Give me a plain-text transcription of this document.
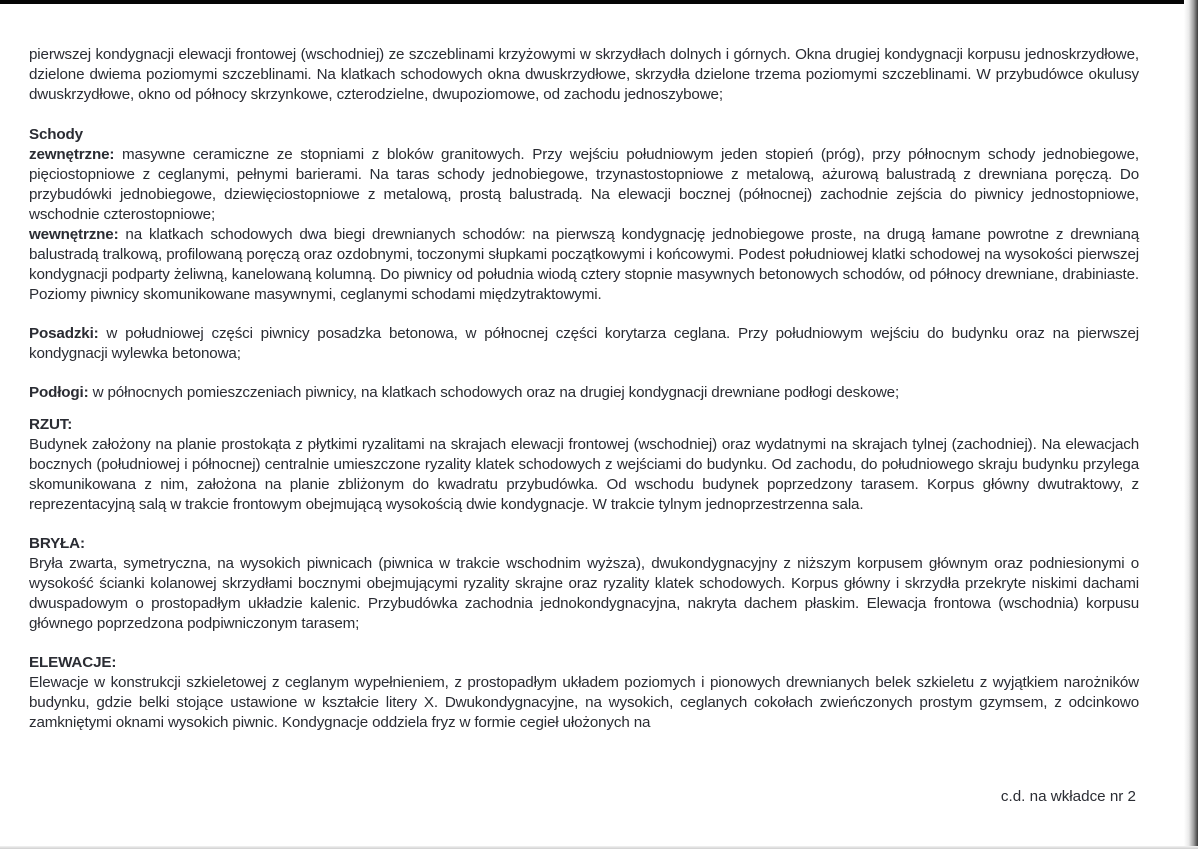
pierwszej kondygnacji elewacji frontowej (wschodniej) ze szczeblinami krzyżowymi w skrzydłach dolnych i górnych. Okna drugiej kondygnacji korpusu jednoskrzydłowe, dzielone dwiema poziomymi szczeblinami. Na klatkach schodowych okna dwuskrzydłowe, skrzydła dzielone trzema poziomymi szczeblinami. W przybudówce okulusy dwuskrzydłowe, okno od północy skrzynkowe, czterodzielne, dwupoziomowe, od zachodu jednoszybowe;

Schody

zewnętrzne: masywne ceramiczne ze stopniami z bloków granitowych. Przy wejściu południowym jeden stopień (próg), przy północnym schody jednobiegowe, pięciostopniowe z ceglanymi, pełnymi barierami. Na taras schody jednobiegowe, trzynastostopniowe z metalową, ażurową balustradą z drewniana poręczą. Do przybudówki jednobiegowe, dziewięciostopniowe z metalową, prostą balustradą. Na elewacji bocznej (północnej) zachodnie zejścia do piwnicy jednostopniowe, wschodnie czterostopniowe;

wewnętrzne: na klatkach schodowych dwa biegi drewnianych schodów: na pierwszą kondygnację jednobiegowe proste, na drugą łamane powrotne z drewnianą balustradą tralkową, profilowaną poręczą oraz ozdobnymi, toczonymi słupkami początkowymi i końcowymi. Podest południowej klatki schodowej na wysokości pierwszej kondygnacji podparty żeliwną, kanelowaną kolumną. Do piwnicy od południa wiodą cztery stopnie masywnych betonowych schodów, od północy drewniane, drabiniaste. Poziomy piwnicy skomunikowane masywnymi, ceglanymi schodami międzytraktowymi.

Posadzki: w południowej części piwnicy posadzka betonowa, w północnej części korytarza ceglana. Przy południowym wejściu do budynku oraz na pierwszej kondygnacji wylewka betonowa;

Podłogi: w północnych pomieszczeniach piwnicy, na klatkach schodowych oraz na drugiej kondygnacji drewniane podłogi deskowe;

RZUT:

Budynek założony na planie prostokąta z płytkimi ryzalitami na skrajach elewacji frontowej (wschodniej) oraz wydatnymi na skrajach tylnej (zachodniej). Na elewacjach bocznych (południowej i północnej) centralnie umieszczone ryzality klatek schodowych z wejściami do budynku. Od zachodu, do południowego skraju budynku przylega skomunikowana z nim, założona na planie zbliżonym do kwadratu przybudówka. Od wschodu budynek poprzedzony tarasem. Korpus główny dwutraktowy, z reprezentacyjną salą w trakcie frontowym obejmującą wysokością dwie kondygnacje. W trakcie tylnym jednoprzestrzenna sala.

BRYŁA:

Bryła zwarta, symetryczna, na wysokich piwnicach (piwnica w trakcie wschodnim wyższa), dwukondygnacyjny z niższym korpusem głównym oraz podniesionymi o wysokość ścianki kolanowej skrzydłami bocznymi obejmującymi ryzality skrajne oraz ryzality klatek schodowych. Korpus główny i skrzydła przekryte niskimi dachami dwuspadowym o prostopadłym układzie kalenic. Przybudówka zachodnia jednokondygnacyjna, nakryta dachem płaskim. Elewacja frontowa (wschodnia) korpusu głównego poprzedzona podpiwniczonym tarasem;

ELEWACJE:

Elewacje w konstrukcji szkieletowej z ceglanym wypełnieniem, z prostopadłym układem poziomych i pionowych drewnianych belek szkieletu z wyjątkiem narożników budynku, gdzie belki stojące ustawione w kształcie litery X. Dwukondygnacyjne, na wysokich, ceglanych cokołach zwieńczonych prostym gzymsem, z odcinkowo zamkniętymi oknami wysokich piwnic. Kondygnacje oddziela fryz w formie cegieł ułożonych na

c.d. na wkładce nr 2
